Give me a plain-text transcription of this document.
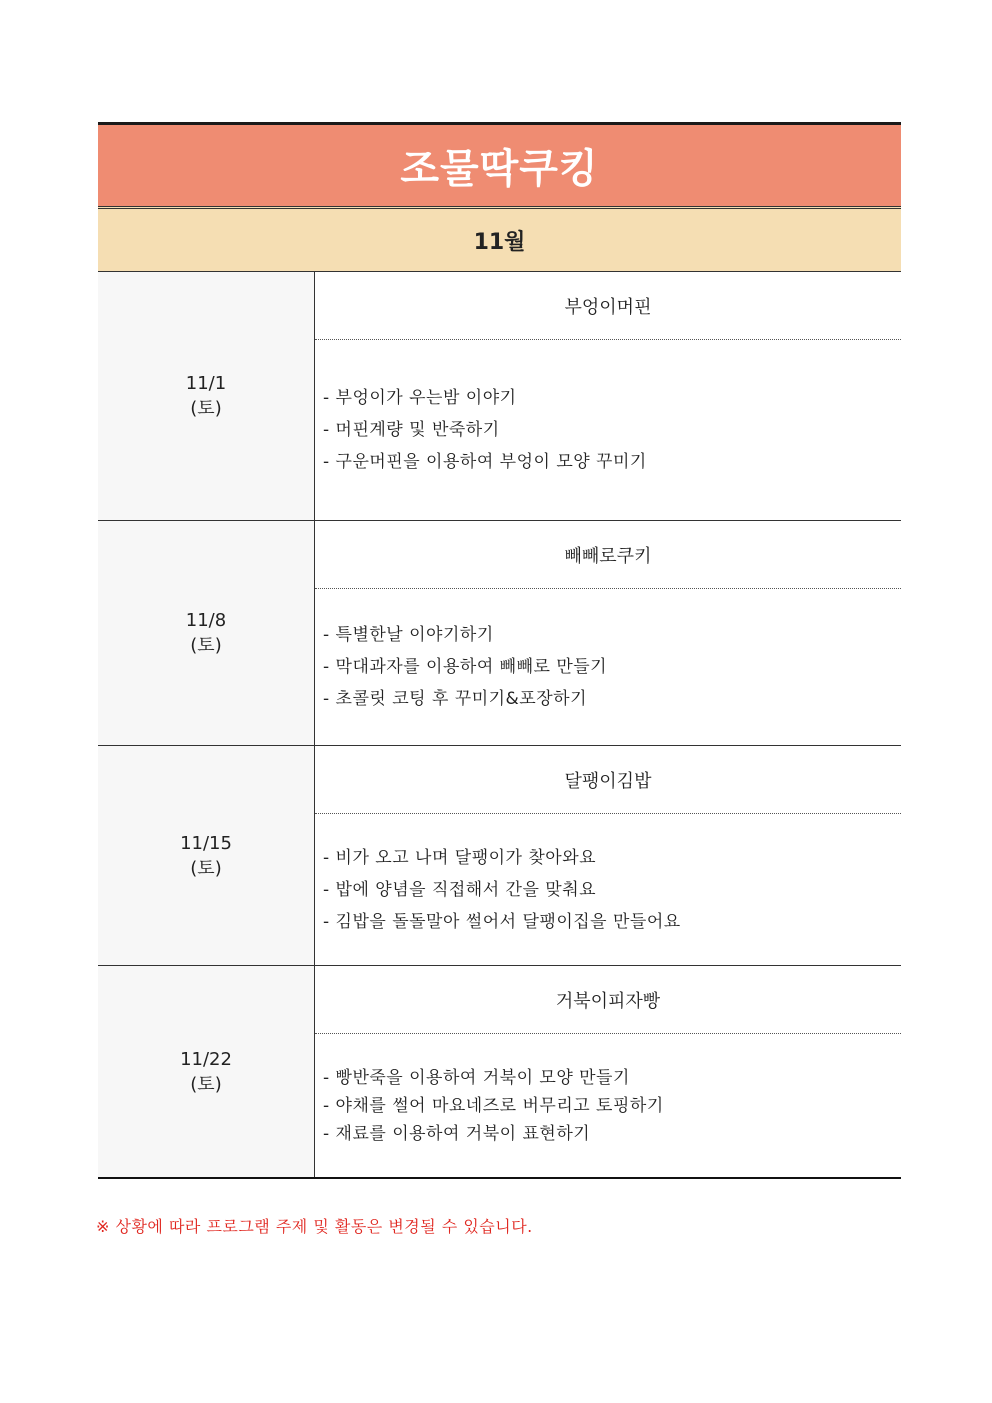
조물딱쿠킹
11월
11/1
(토)
부엉이머핀
- 부엉이가 우는밤 이야기
- 머핀계량 및 반죽하기
- 구운머핀을 이용하여 부엉이 모양 꾸미기
11/8
(토)
빼빼로쿠키
- 특별한날 이야기하기
- 막대과자를 이용하여 빼빼로 만들기
- 초콜릿 코팅 후 꾸미기&포장하기
11/15
(토)
달팽이김밥
- 비가 오고 나며 달팽이가 찾아와요
- 밥에 양념을 직접해서 간을 맞춰요
- 김밥을 돌돌말아 썰어서 달팽이집을 만들어요
11/22
(토)
거북이피자빵
- 빵반죽을 이용하여 거북이 모양 만들기
- 야채를 썰어 마요네즈로 버무리고 토핑하기
- 재료를 이용하여 거북이 표현하기
※ 상황에 따라 프로그램 주제 및 활동은 변경될 수 있습니다.
